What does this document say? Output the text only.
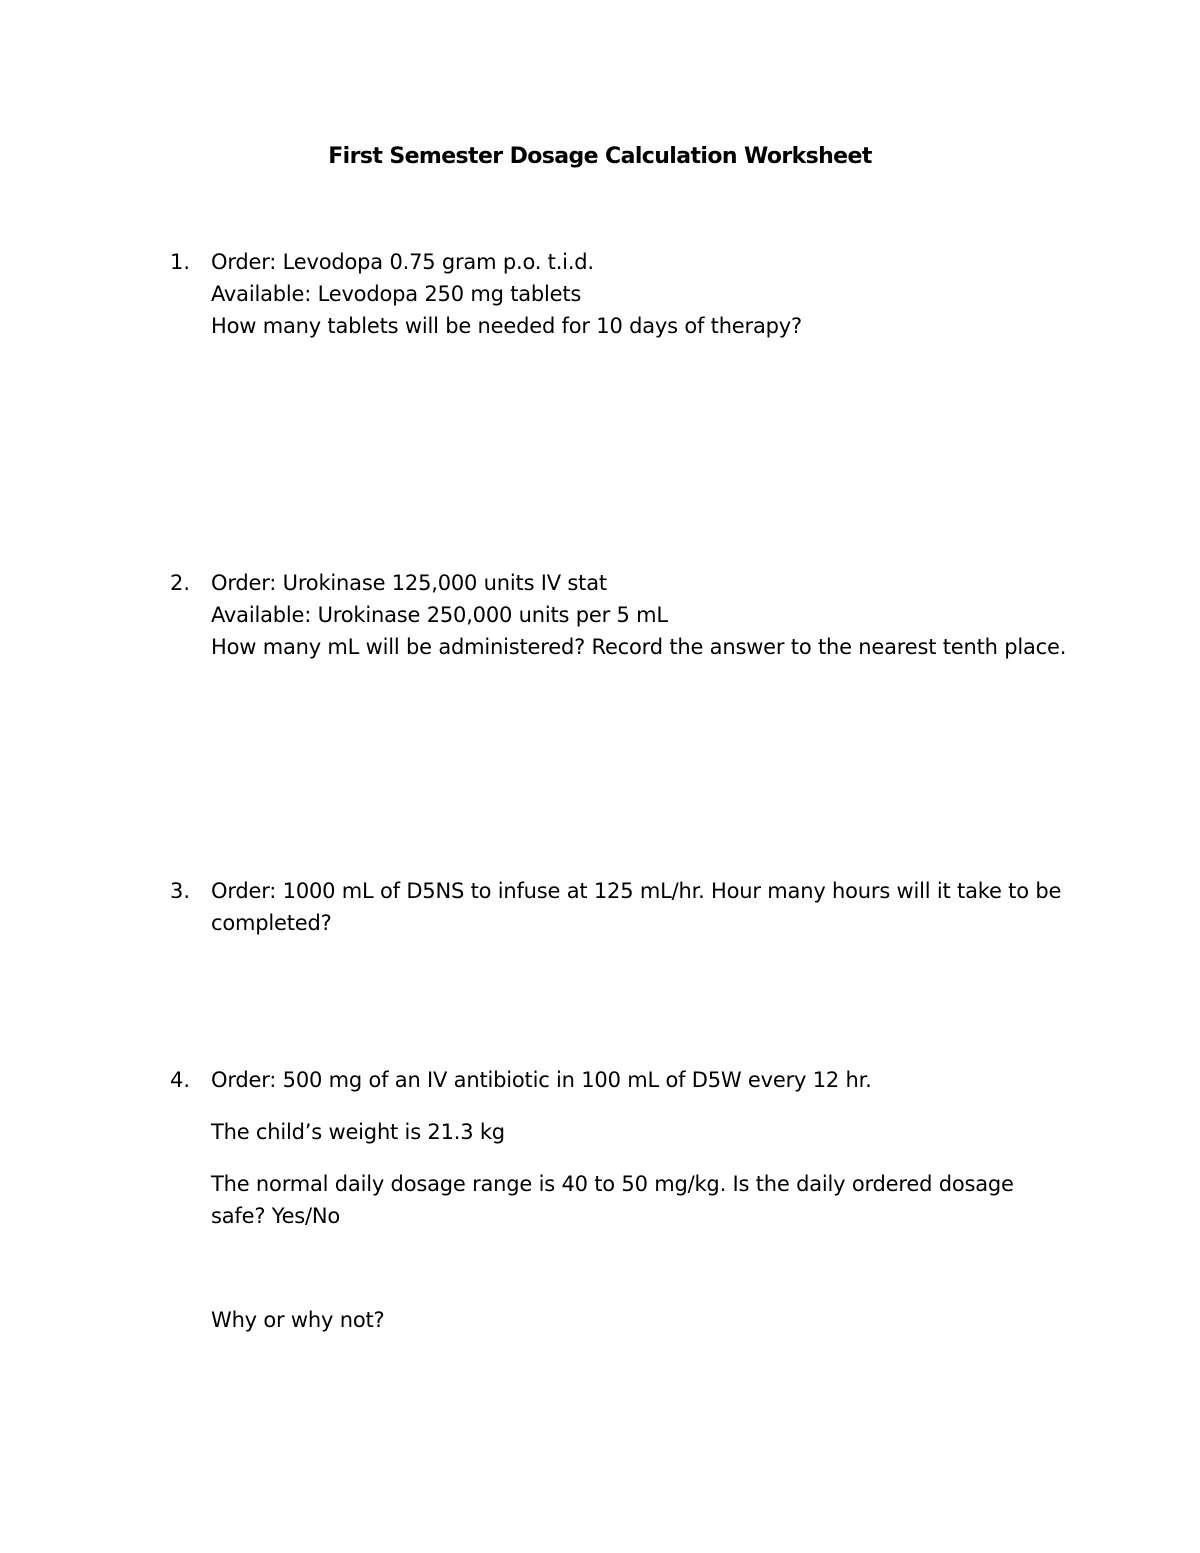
First Semester Dosage Calculation Worksheet
1. Order: Levodopa 0.75 gram p.o. t.i.d.
Available: Levodopa 250 mg tablets
How many tablets will be needed for 10 days of therapy?
2. Order: Urokinase 125,000 units IV stat
Available: Urokinase 250,000 units per 5 mL
How many mL will be administered? Record the answer to the nearest tenth place.
3. Order: 1000 mL of D5NS to infuse at 125 mL/hr. Hour many hours will it take to be completed?
4. Order: 500 mg of an IV antibiotic in 100 mL of D5W every 12 hr.
The child’s weight is 21.3 kg
The normal daily dosage range is 40 to 50 mg/kg. Is the daily ordered dosage safe? Yes/No
Why or why not?
